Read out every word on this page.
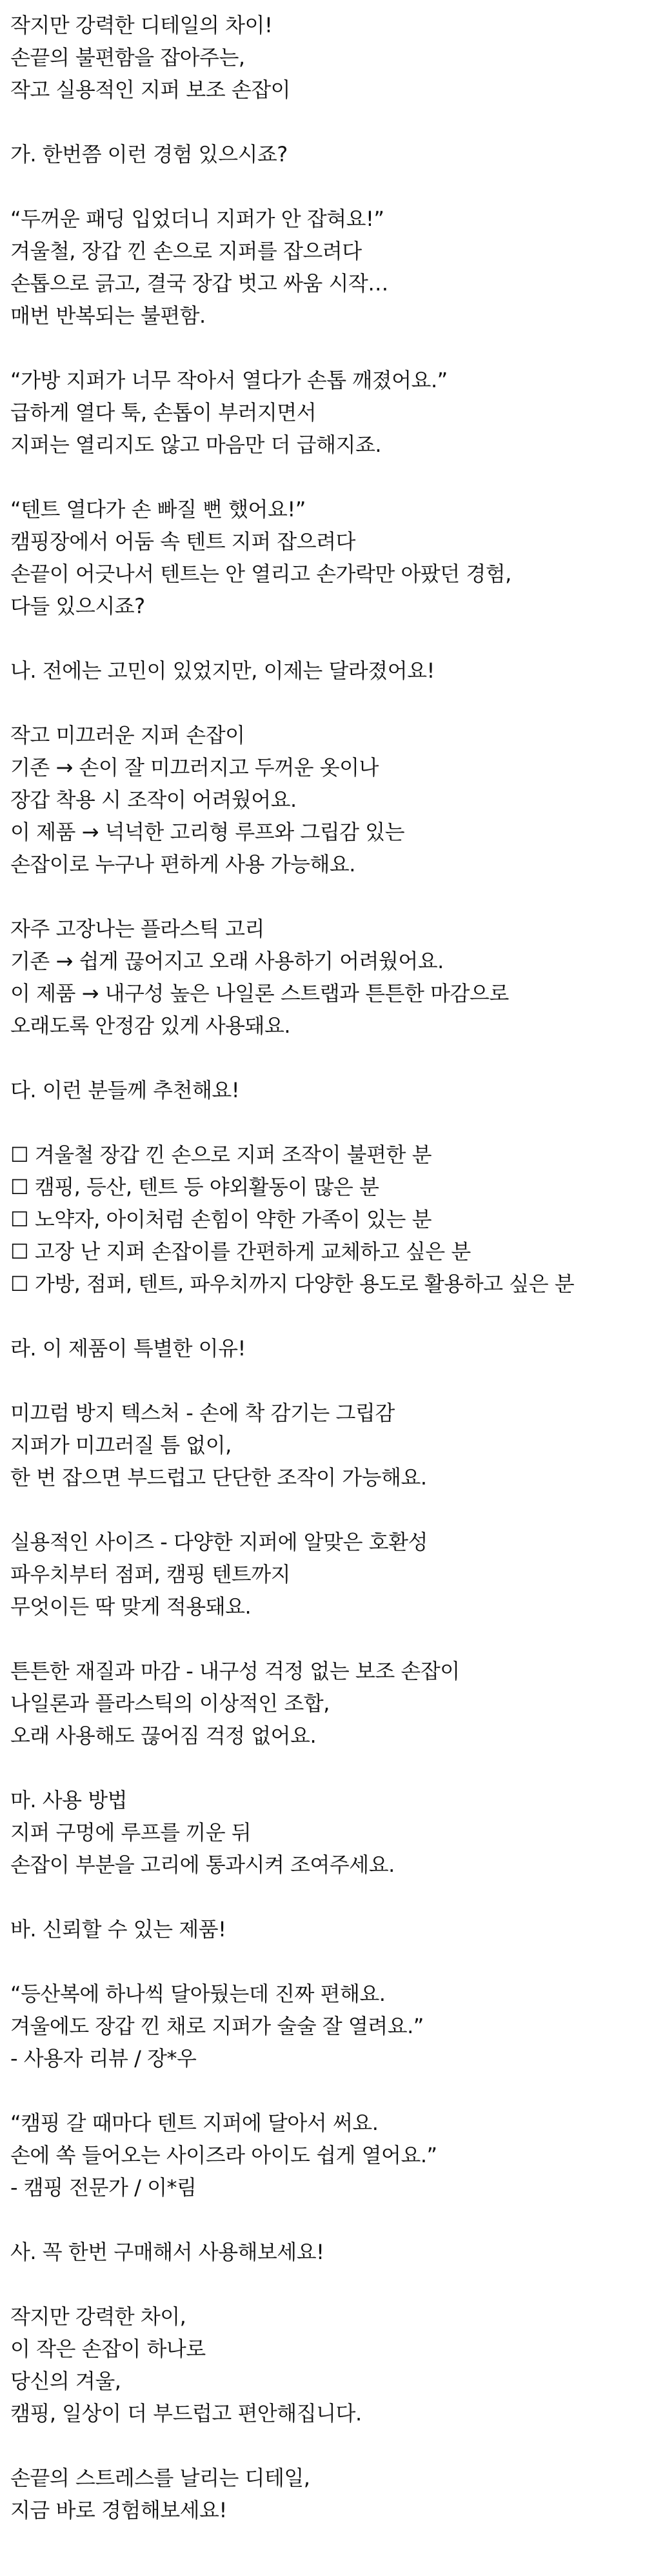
작지만 강력한 디테일의 차이!
손끝의 불편함을 잡아주는,
작고 실용적인 지퍼 보조 손잡이
가. 한번쯤 이런 경험 있으시죠?
“두꺼운 패딩 입었더니 지퍼가 안 잡혀요!”
겨울철, 장갑 낀 손으로 지퍼를 잡으려다
손톱으로 긁고, 결국 장갑 벗고 싸움 시작…
매번 반복되는 불편함.
“가방 지퍼가 너무 작아서 열다가 손톱 깨졌어요.”
급하게 열다 툭, 손톱이 부러지면서
지퍼는 열리지도 않고 마음만 더 급해지죠.
“텐트 열다가 손 빠질 뻔 했어요!”
캠핑장에서 어둠 속 텐트 지퍼 잡으려다
손끝이 어긋나서 텐트는 안 열리고 손가락만 아팠던 경험,
다들 있으시죠?
나. 전에는 고민이 있었지만, 이제는 달라졌어요!
작고 미끄러운 지퍼 손잡이
기존 → 손이 잘 미끄러지고 두꺼운 옷이나
장갑 착용 시 조작이 어려웠어요.
이 제품 → 넉넉한 고리형 루프와 그립감 있는
손잡이로 누구나 편하게 사용 가능해요.
자주 고장나는 플라스틱 고리
기존 → 쉽게 끊어지고 오래 사용하기 어려웠어요.
이 제품 → 내구성 높은 나일론 스트랩과 튼튼한 마감으로
오래도록 안정감 있게 사용돼요.
다. 이런 분들께 추천해요!
☐ 겨울철 장갑 낀 손으로 지퍼 조작이 불편한 분
☐ 캠핑, 등산, 텐트 등 야외활동이 많은 분
☐ 노약자, 아이처럼 손힘이 약한 가족이 있는 분
☐ 고장 난 지퍼 손잡이를 간편하게 교체하고 싶은 분
☐ 가방, 점퍼, 텐트, 파우치까지 다양한 용도로 활용하고 싶은 분
라. 이 제품이 특별한 이유!
미끄럼 방지 텍스처 - 손에 착 감기는 그립감
지퍼가 미끄러질 틈 없이,
한 번 잡으면 부드럽고 단단한 조작이 가능해요.
실용적인 사이즈 - 다양한 지퍼에 알맞은 호환성
파우치부터 점퍼, 캠핑 텐트까지
무엇이든 딱 맞게 적용돼요.
튼튼한 재질과 마감 - 내구성 걱정 없는 보조 손잡이
나일론과 플라스틱의 이상적인 조합,
오래 사용해도 끊어짐 걱정 없어요.
마. 사용 방법
지퍼 구멍에 루프를 끼운 뒤
손잡이 부분을 고리에 통과시켜 조여주세요.
바. 신뢰할 수 있는 제품!
“등산복에 하나씩 달아뒀는데 진짜 편해요.
겨울에도 장갑 낀 채로 지퍼가 술술 잘 열려요.”
- 사용자 리뷰 / 장*우
“캠핑 갈 때마다 텐트 지퍼에 달아서 써요.
손에 쏙 들어오는 사이즈라 아이도 쉽게 열어요.”
- 캠핑 전문가 / 이*림
사. 꼭 한번 구매해서 사용해보세요!
작지만 강력한 차이,
이 작은 손잡이 하나로
당신의 겨울,
캠핑, 일상이 더 부드럽고 편안해집니다.
손끝의 스트레스를 날리는 디테일,
지금 바로 경험해보세요!
